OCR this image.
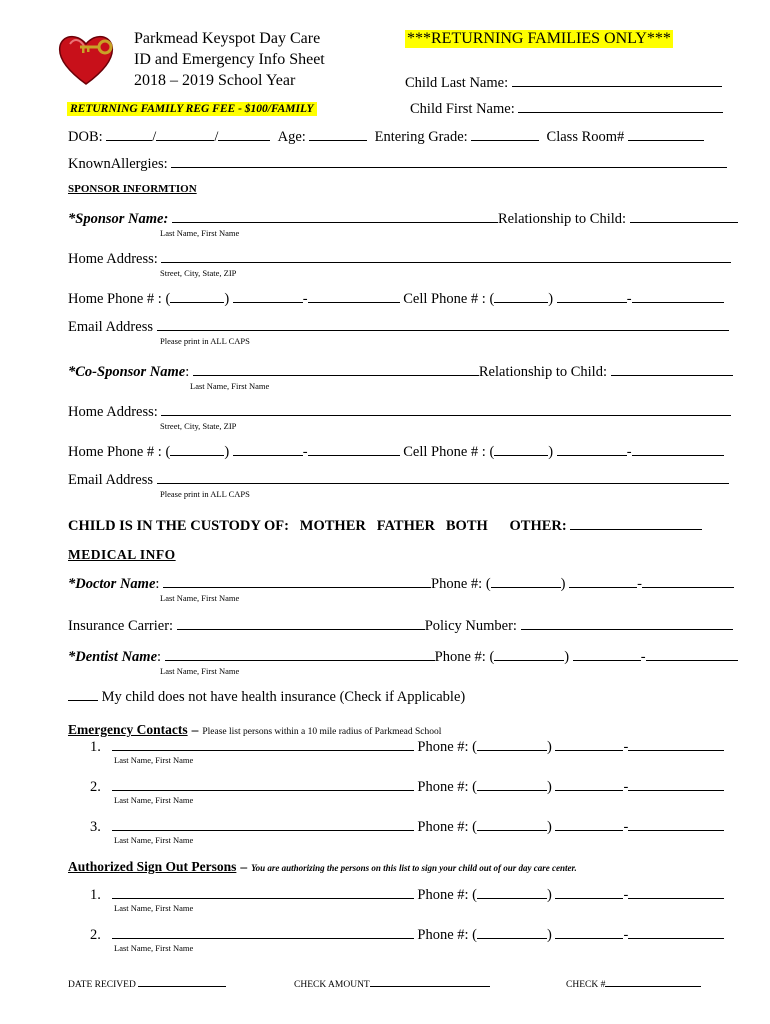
Parkmead Keyspot Day Care
ID and Emergency Info Sheet
2018 – 2019 School Year
***RETURNING FAMILIES ONLY***
RETURNING FAMILY REG FEE - $100/FAMILY
Child Last Name:
Child First Name:
DOB:	/	/	Age:	Entering Grade:	Class Room#
KnownAllergies:
SPONSOR INFORMTION
*Sponsor Name:	Relationship to Child:
Last Name, First Name
Home Address:
Street, City, State, ZIP
Home Phone # : (	)	-	Cell Phone # : (	)	-
Email Address
Please print in ALL CAPS
*Co-Sponsor Name:	Relationship to Child:
Last Name, First Name
Home Address:
Street, City, State, ZIP
Home Phone # : (	)	-	Cell Phone # : (	)	-
Email Address
Please print in ALL CAPS
CHILD IS IN THE CUSTODY OF: MOTHER FATHER BOTH OTHER:
MEDICAL INFO
*Doctor Name:	Phone #: (	)	-
Last Name, First Name
Insurance Carrier:	Policy Number:
*Dentist Name:	Phone #: (	)	-
Last Name, First Name
My child does not have health insurance (Check if Applicable)
Emergency Contacts – Please list persons within a 10 mile radius of Parkmead School
1.	Phone #: (	)	-
Last Name, First Name
2.	Phone #: (	)	-
Last Name, First Name
3.	Phone #: (	)	-
Last Name, First Name
Authorized Sign Out Persons – You are authorizing the persons on this list to sign your child out of our day care center.
1.	Phone #: (	)	-
Last Name, First Name
2.	Phone #: (	)	-
Last Name, First Name
DATE RECIVED	CHECK AMOUNT	CHECK #
